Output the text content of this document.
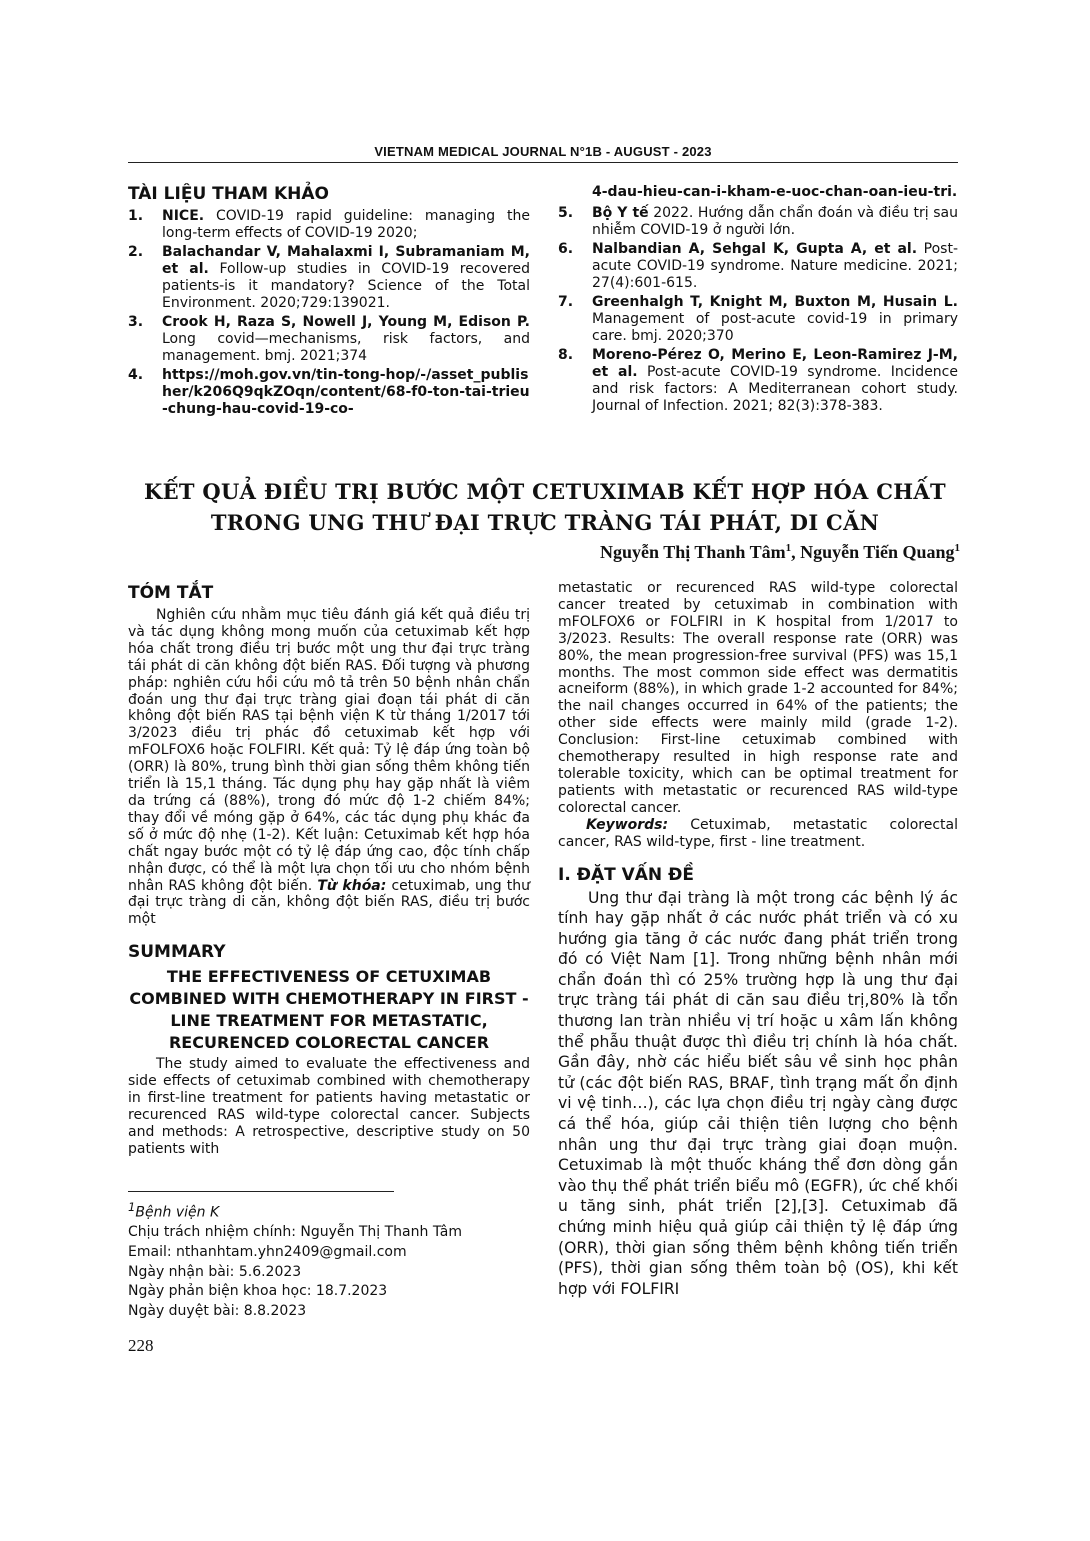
VIETNAM MEDICAL JOURNAL N°1B - AUGUST - 2023
TÀI LIỆU THAM KHẢO
1. NICE. COVID-19 rapid guideline: managing the long-term effects of COVID-19 2020;
2. Balachandar V, Mahalaxmi I, Subramaniam M, et al. Follow-up studies in COVID-19 recovered patients-is it mandatory? Science of the Total Environment. 2020;729:139021.
3. Crook H, Raza S, Nowell J, Young M, Edison P. Long covid—mechanisms, risk factors, and management. bmj. 2021;374
4. https://moh.gov.vn/tin-tong-hop/-/asset_publisher/k206Q9qkZOqn/content/68-f0-ton-tai-trieu-chung-hau-covid-19-co-
4-dau-hieu-can-i-kham-e-uoc-chan-oan-ieu-tri.
5. Bộ Y tế 2022. Hướng dẫn chẩn đoán và điều trị sau nhiễm COVID-19 ở người lớn.
6. Nalbandian A, Sehgal K, Gupta A, et al. Post-acute COVID-19 syndrome. Nature medicine. 2021; 27(4):601-615.
7. Greenhalgh T, Knight M, Buxton M, Husain L. Management of post-acute covid-19 in primary care. bmj. 2020;370
8. Moreno-Pérez O, Merino E, Leon-Ramirez J-M, et al. Post-acute COVID-19 syndrome. Incidence and risk factors: A Mediterranean cohort study. Journal of Infection. 2021; 82(3):378-383.
KẾT QUẢ ĐIỀU TRỊ BƯỚC MỘT CETUXIMAB KẾT HỢP HÓA CHẤT
TRONG UNG THƯ ĐẠI TRỰC TRÀNG TÁI PHÁT, DI CĂN
Nguyễn Thị Thanh Tâm$^1$, Nguyễn Tiến Quang$^1$
TÓM TẮT

Nghiên cứu nhằm mục tiêu đánh giá kết quả điều trị và tác dụng không mong muốn của cetuximab kết hợp hóa chất trong điều trị bước một ung thư đại trực tràng tái phát di căn không đột biến RAS. Đối tượng và phương pháp: nghiên cứu hồi cứu mô tả trên 50 bệnh nhân chẩn đoán ung thư đại trực tràng giai đoạn tái phát di căn không đột biến RAS tại bệnh viện K từ tháng 1/2017 tới 3/2023 điều trị phác đồ cetuximab kết hợp với mFOLFOX6 hoặc FOLFIRI. Kết quả: Tỷ lệ đáp ứng toàn bộ (ORR) là 80%, trung bình thời gian sống thêm không tiến triển là 15,1 tháng. Tác dụng phụ hay gặp nhất là viêm da trứng cá (88%), trong đó mức độ 1-2 chiếm 84%; thay đổi về móng gặp ở 64%, các tác dụng phụ khác đa số ở mức độ nhẹ (1-2). Kết luận: Cetuximab kết hợp hóa chất ngay bước một có tỷ lệ đáp ứng cao, độc tính chấp nhận được, có thể là một lựa chọn tối ưu cho nhóm bệnh nhân RAS không đột biến. Từ khóa: cetuximab, ung thư đại trực tràng di căn, không đột biến RAS, điều trị bước một

SUMMARY
THE EFFECTIVENESS OF CETUXIMAB COMBINED WITH CHEMOTHERAPY IN FIRST - LINE TREATMENT FOR METASTATIC, RECURENCED COLORECTAL CANCER

The study aimed to evaluate the effectiveness and side effects of cetuximab combined with chemotherapy in first-line treatment for patients having metastatic or recurenced RAS wild-type colorectal cancer. Subjects and methods: A retrospective, descriptive study on 50 patients with

metastatic or recurenced RAS wild-type colorectal cancer treated by cetuximab in combination with mFOLFOX6 or FOLFIRI in K hospital from 1/2017 to 3/2023. Results: The overall response rate (ORR) was 80%, the mean progression-free survival (PFS) was 15,1 months. The most common side effect was dermatitis acneiform (88%), in which grade 1-2 accounted for 84%; the nail changes occurred in 64% of the patients; the other side effects were mainly mild (grade 1-2). Conclusion: First-line cetuximab combined with chemotherapy resulted in high response rate and tolerable toxicity, which can be optimal treatment for patients with metastatic or recurenced RAS wild-type colorectal cancer.

Keywords: Cetuximab, metastatic colorectal cancer, RAS wild-type, first - line treatment.

I. ĐẶT VẤN ĐỀ

Ung thư đại tràng là một trong các bệnh lý ác tính hay gặp nhất ở các nước phát triển và có xu hướng gia tăng ở các nước đang phát triển trong đó có Việt Nam [1]. Trong những bệnh nhân mới chẩn đoán thì có 25% trường hợp là ung thư đại trực tràng tái phát di căn sau điều trị,80% là tổn thương lan tràn nhiều vị trí hoặc u xâm lấn không thể phẫu thuật được thì điều trị chính là hóa chất. Gần đây, nhờ các hiểu biết sâu về sinh học phân tử (các đột biến RAS, BRAF, tình trạng mất ổn định vi vệ tinh…), các lựa chọn điều trị ngày càng được cá thể hóa, giúp cải thiện tiên lượng cho bệnh nhân ung thư đại trực tràng giai đoạn muộn. Cetuximab là một thuốc kháng thể đơn dòng gắn vào thụ thể phát triển biểu mô (EGFR), ức chế khối u tăng sinh, phát triển [2],[3]. Cetuximab đã chứng minh hiệu quả giúp cải thiện tỷ lệ đáp ứng (ORR), thời gian sống thêm bệnh không tiến triển (PFS), thời gian sống thêm toàn bộ (OS), khi kết hợp với FOLFIRI

$^1$Bệnh viện K
Chịu trách nhiệm chính: Nguyễn Thị Thanh Tâm
Email: nthanhtam.yhn2409@gmail.com
Ngày nhận bài: 5.6.2023
Ngày phản biện khoa học: 18.7.2023
Ngày duyệt bài: 8.8.2023
228
